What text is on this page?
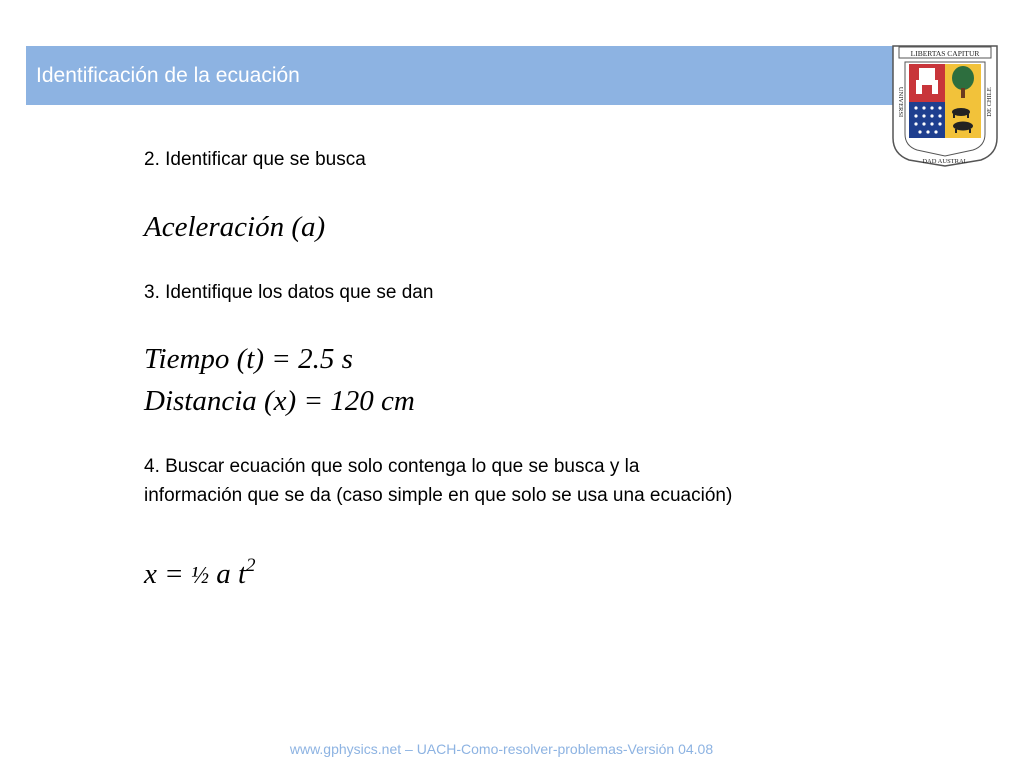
Identificación de la ecuación
LIBERTAS CAPITUR
UNIVERSI
DAD AUSTRAL
DE CHILE
2. Identificar que se busca
Aceleración (a)
3. Identifique los datos que se dan
Tiempo (t) = 2.5 s
Distancia (x) = 120 cm
4. Buscar ecuación que solo contenga lo que se busca y la
información que se da (caso simple en que solo se usa una ecuación)
x = ½ a $t^2$
www.gphysics.net – UACH-Como-resolver-problemas-Versión 04.08
